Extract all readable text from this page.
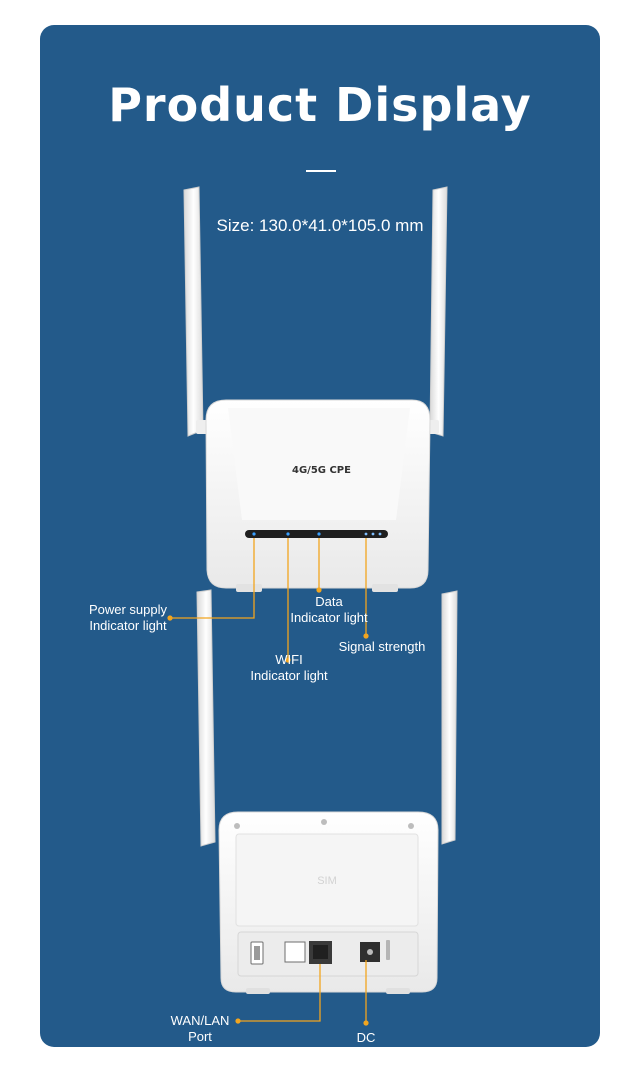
Product Display
Size: 130.0*41.0*105.0 mm
4G/5G CPE
SIM
Power supply
Indicator light
Data
Indicator light
Signal strength
WIFI
Indicator light
WAN/LAN
Port	DC
